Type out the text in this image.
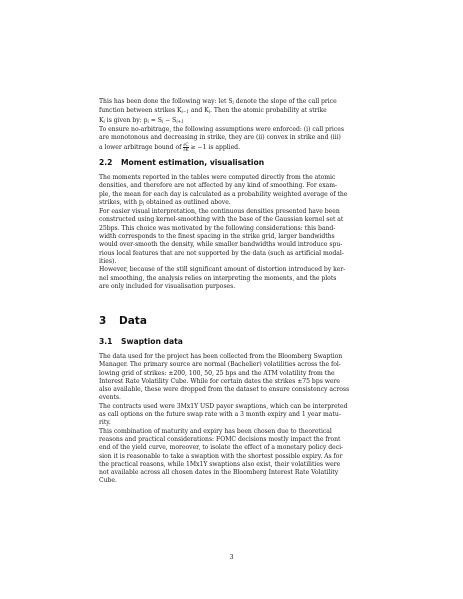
This has been done the following way: let $S_i$ denote the slope of the call price

function between strikes $K_{i-1}$ and $K_i$. Then the atomic probability at strike

$K_i$ is given by: $p_i = S_i - S_{i+1}$

To ensure no-arbitrage, the following assumptions were enforced: (i) call prices

are monotonous and decreasing in strike, they are (ii) convex in strike and (iii)

a lower arbitrage bound of $\frac{\partial C}{\partial K} \ge -1$ is applied.

2.2 Moment estimation, visualisation

The moments reported in the tables were computed directly from the atomic

densities, and therefore are not affected by any kind of smoothing. For exam-

ple, the mean for each day is calculated as a probability weighted average of the

strikes, with $p_i$ obtained as outlined above.

For easier visual interpretation, the continuous densities presented have been

constructed using kernel-smoothing with the base of the Gaussian kernel set at

25bps. This choice was motivated by the following considerations: this band-

width corresponds to the finest spacing in the strike grid, larger bandwidths

would over-smooth the density, while smaller bandwidths would introduce spu-

rious local features that are not supported by the data (such as artificial modal-

ities).

However, because of the still significant amount of distortion introduced by ker-

nel smoothing, the analysis relies on interpreting the moments, and the plots

are only included for visualisation purposes.

3 Data
3.1 Swaption data

The data used for the project has been collected from the Bloomberg Swaption

Manager. The primary source are normal (Bachelier) volatilities across the fol-

lowing grid of strikes: ±200, 100, 50, 25 bps and the ATM volatility from the

Interest Rate Volatility Cube. While for certain dates the strikes ±75 bps were

also available, these were dropped from the dataset to ensure consistency across

events.

The contracts used were 3Mx1Y USD payer swaptions, which can be interpreted

as call options on the future swap rate with a 3 month expiry and 1 year matu-

rity.

This combination of maturity and expiry has been chosen due to theoretical

reasons and practical considerations: FOMC decisions mostly impact the front

end of the yield curve, moreover, to isolate the effect of a monetary policy deci-

sion it is reasonable to take a swaption with the shortest possible expiry. As for

the practical reasons, while 1Mx1Y swaptions also exist, their volatilities were

not available across all chosen dates in the Bloomberg Interest Rate Volatility

Cube.

3
